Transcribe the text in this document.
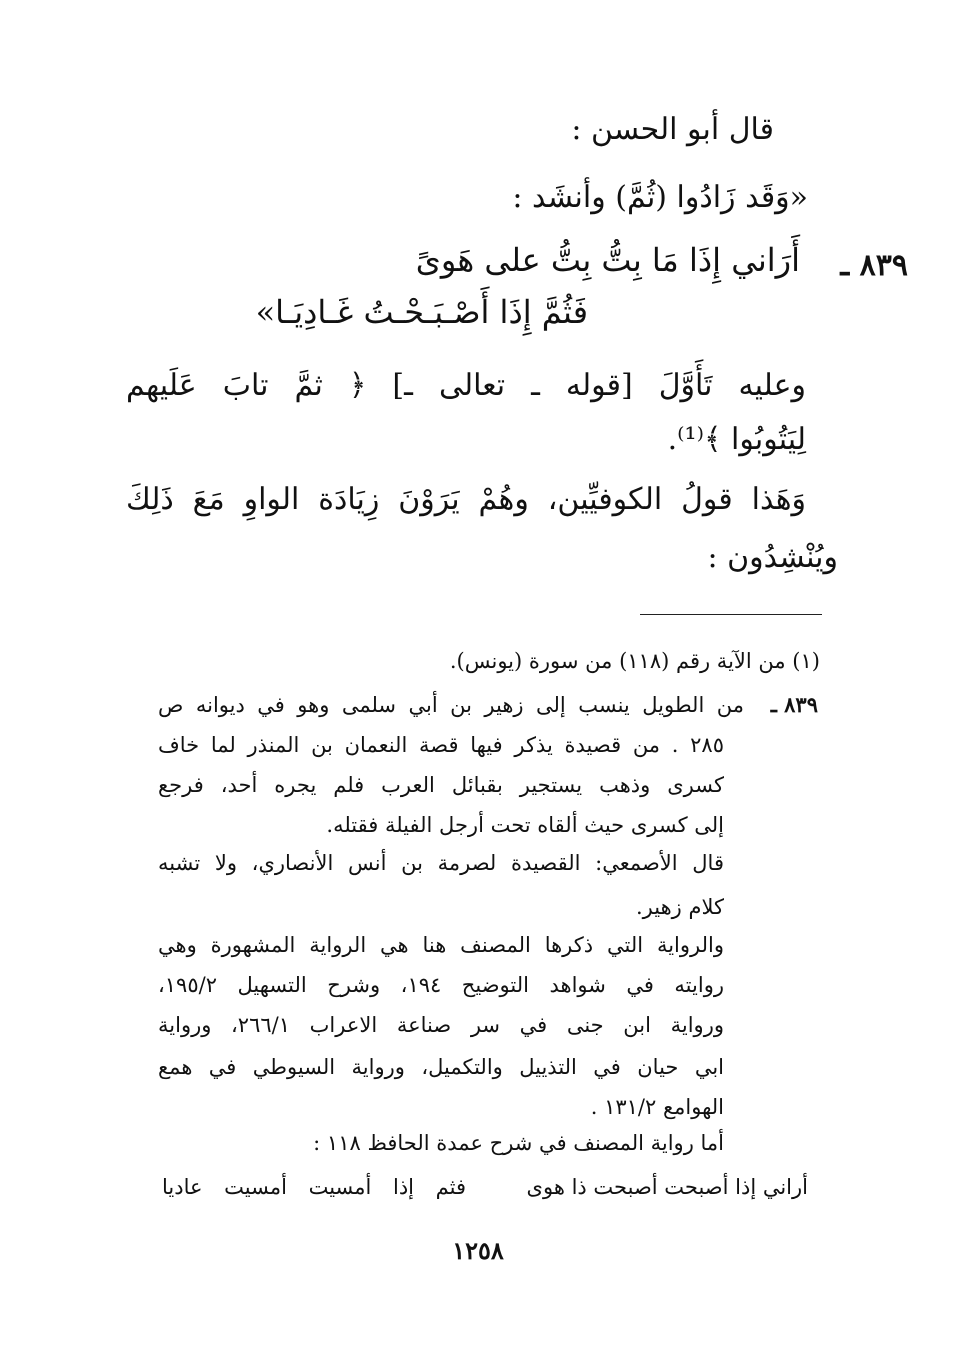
قال أبو الحسن :
«وَقَد زَادُوا (ثُمَّ) وأنشَد :
٨٣٩ ـ
أَرَاني إِذَا مَا بِتُّ بِتُّ على هَوىً
فَثُمَّ إِذَا أَصْـبَـحْـتُ غَـادِيَـا»
وعليه تَأَوَّلَ [قوله ـ تعالى ـ] ﴿ ثمَّ تابَ عَلَيهم
لِيَتُوبُوا ﴾⁽¹⁾.
وَهَذا قولُ الكوفيِّين، وهُمْ يَرَوْنَ زِيَادَة الواوِ مَعَ ذَلِكَ
ويُنْشِدُون :
(١) من الآية رقم (١١٨) من سورة (يونس).
٨٣٩ ـ
من الطويل ينسب إلى زهير بن أبي سلمى وهو في ديوانه ص
٢٨٥ . من قصيدة يذكر فيها قصة النعمان بن المنذر لما خاف
كسرى وذهب يستجير بقبائل العرب فلم يجره أحد، فرجع
إلى كسرى حيث ألقاه تحت أرجل الفيلة فقتله.
قال الأصمعي: القصيدة لصرمة بن أنس الأنصاري، ولا تشبه
كلام زهير.
والرواية التي ذكرها المصنف هنا هي الرواية المشهورة وهي
روايته في شواهد التوضيح ١٩٤، وشرح التسهيل ١٩٥/٢،
ورواية ابن جنى في سر صناعة الاعراب ٢٦٦/١، ورواية
ابي حيان في التذييل والتكميل، ورواية السيوطي في همع
الهوامع ١٣١/٢ .
أما رواية المصنف في شرح عمدة الحافظ ١١٨ :
أراني إذا أصبحت أصبحت ذا هوى
فثم إذا أمسيت أمسيت عاديا
١٢٥٨
